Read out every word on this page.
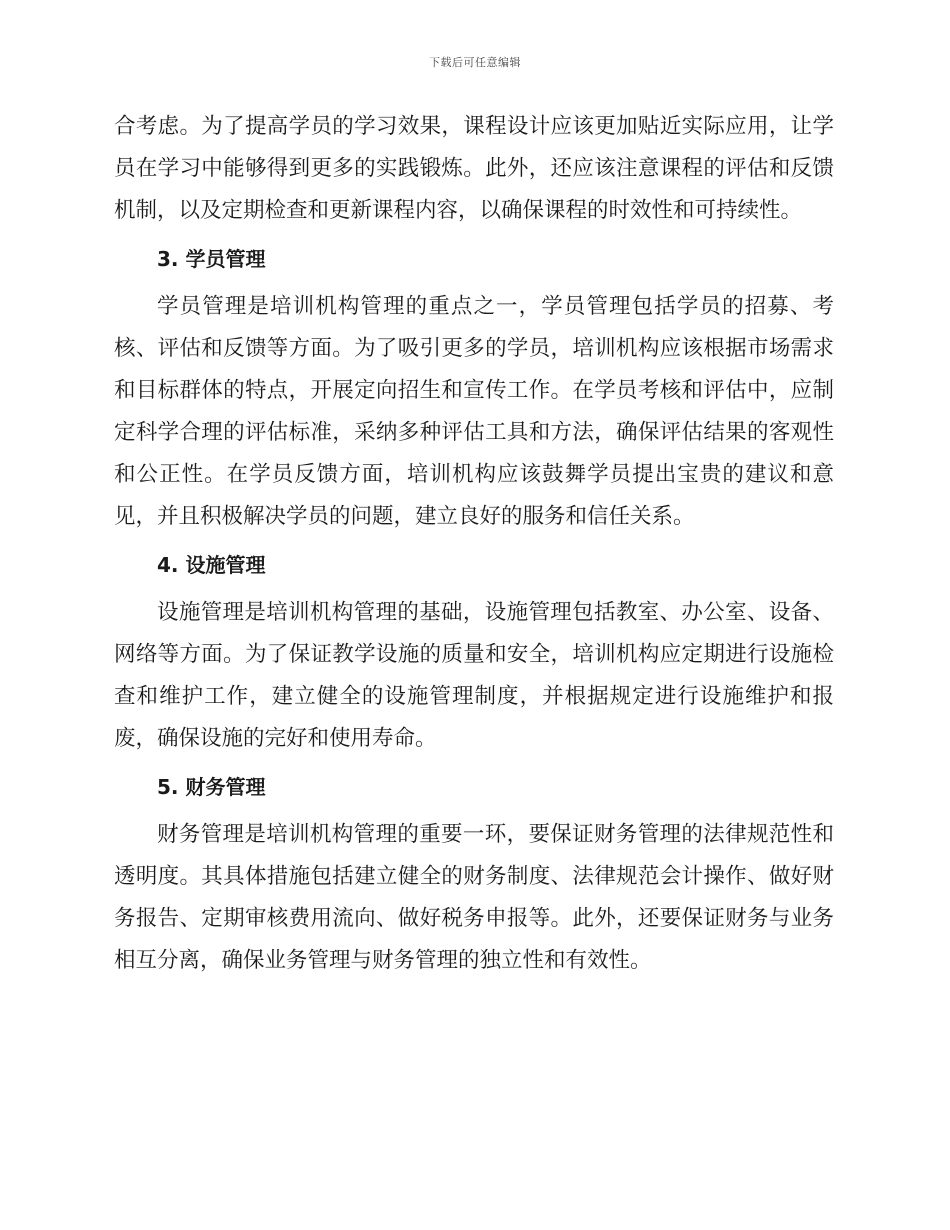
下载后可任意编辑

合考虑。为了提高学员的学习效果，课程设计应该更加贴近实际应用，让学员在学习中能够得到更多的实践锻炼。此外，还应该注意课程的评估和反馈机制，以及定期检查和更新课程内容，以确保课程的时效性和可持续性。

3. 学员管理

学员管理是培训机构管理的重点之一，学员管理包括学员的招募、考核、评估和反馈等方面。为了吸引更多的学员，培训机构应该根据市场需求和目标群体的特点，开展定向招生和宣传工作。在学员考核和评估中，应制定科学合理的评估标准，采纳多种评估工具和方法，确保评估结果的客观性和公正性。在学员反馈方面，培训机构应该鼓舞学员提出宝贵的建议和意见，并且积极解决学员的问题，建立良好的服务和信任关系。

4. 设施管理

设施管理是培训机构管理的基础，设施管理包括教室、办公室、设备、网络等方面。为了保证教学设施的质量和安全，培训机构应定期进行设施检查和维护工作，建立健全的设施管理制度，并根据规定进行设施维护和报废，确保设施的完好和使用寿命。

5. 财务管理

财务管理是培训机构管理的重要一环，要保证财务管理的法律规范性和透明度。其具体措施包括建立健全的财务制度、法律规范会计操作、做好财务报告、定期审核费用流向、做好税务申报等。此外，还要保证财务与业务相互分离，确保业务管理与财务管理的独立性和有效性。
